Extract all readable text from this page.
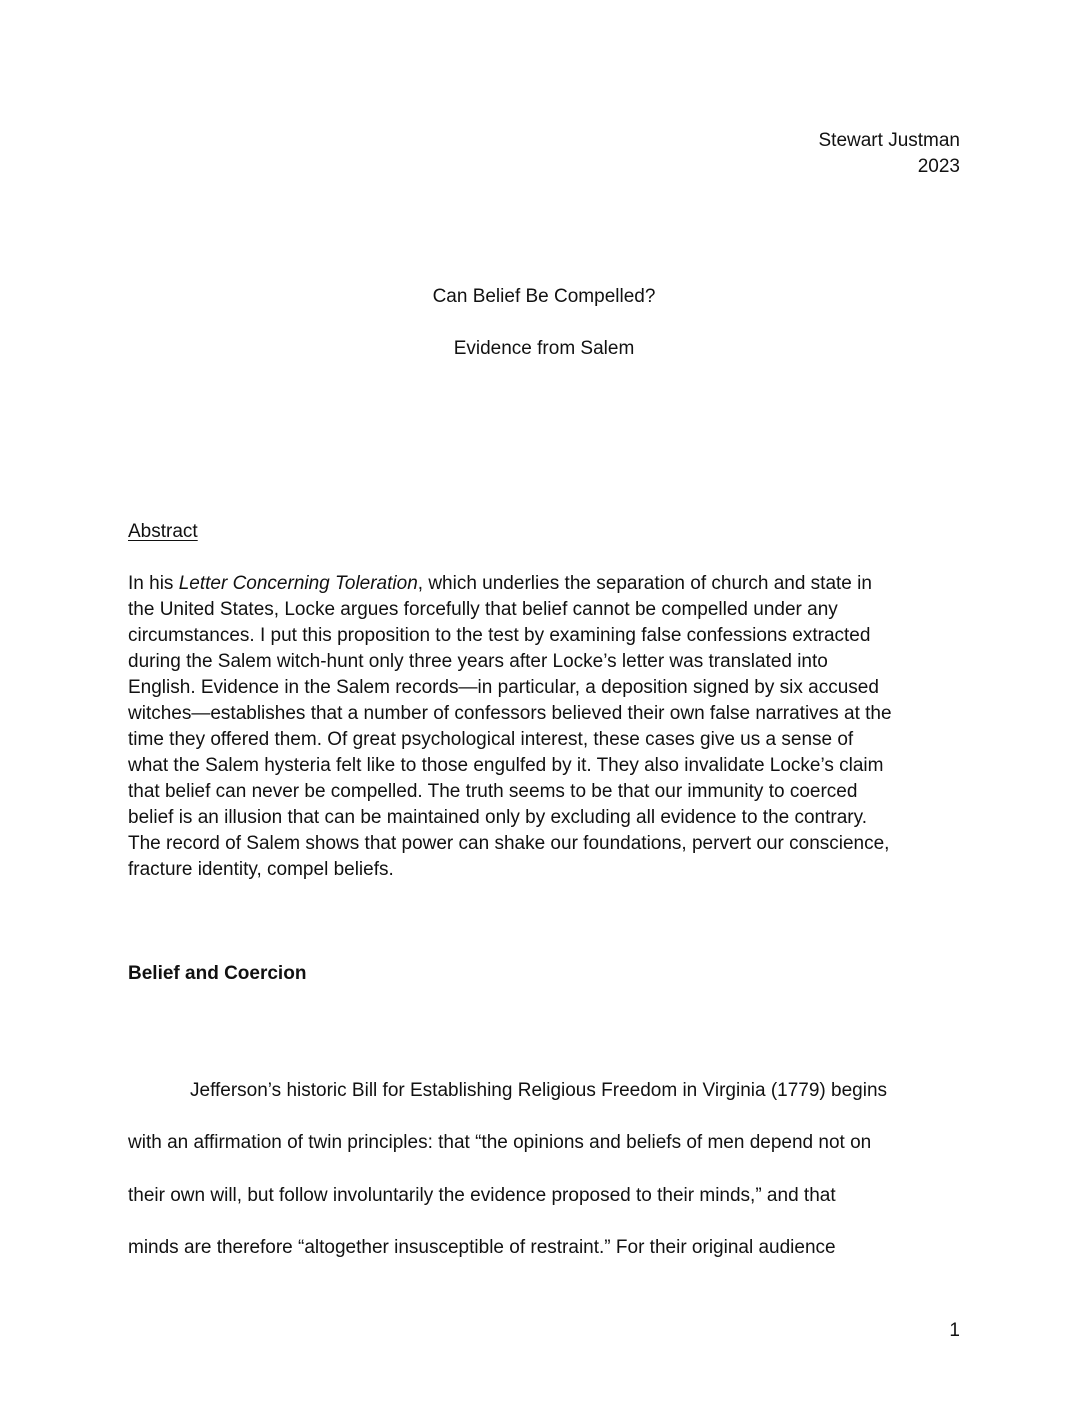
Stewart Justman
2023
Can Belief Be Compelled?
Evidence from Salem
Abstract

In his Letter Concerning Toleration, which underlies the separation of church and state in
the United States, Locke argues forcefully that belief cannot be compelled under any
circumstances. I put this proposition to the test by examining false confessions extracted
during the Salem witch-hunt only three years after Locke’s letter was translated into
English. Evidence in the Salem records—in particular, a deposition signed by six accused
witches—establishes that a number of confessors believed their own false narratives at the
time they offered them. Of great psychological interest, these cases give us a sense of
what the Salem hysteria felt like to those engulfed by it. They also invalidate Locke’s claim
that belief can never be compelled. The truth seems to be that our immunity to coerced
belief is an illusion that can be maintained only by excluding all evidence to the contrary.
The record of Salem shows that power can shake our foundations, pervert our conscience,
fracture identity, compel beliefs.

Belief and Coercion

Jefferson’s historic Bill for Establishing Religious Freedom in Virginia (1779) begins
with an affirmation of twin principles: that “the opinions and beliefs of men depend not on
their own will, but follow involuntarily the evidence proposed to their minds,” and that
minds are therefore “altogether insusceptible of restraint.” For their original audience

1
